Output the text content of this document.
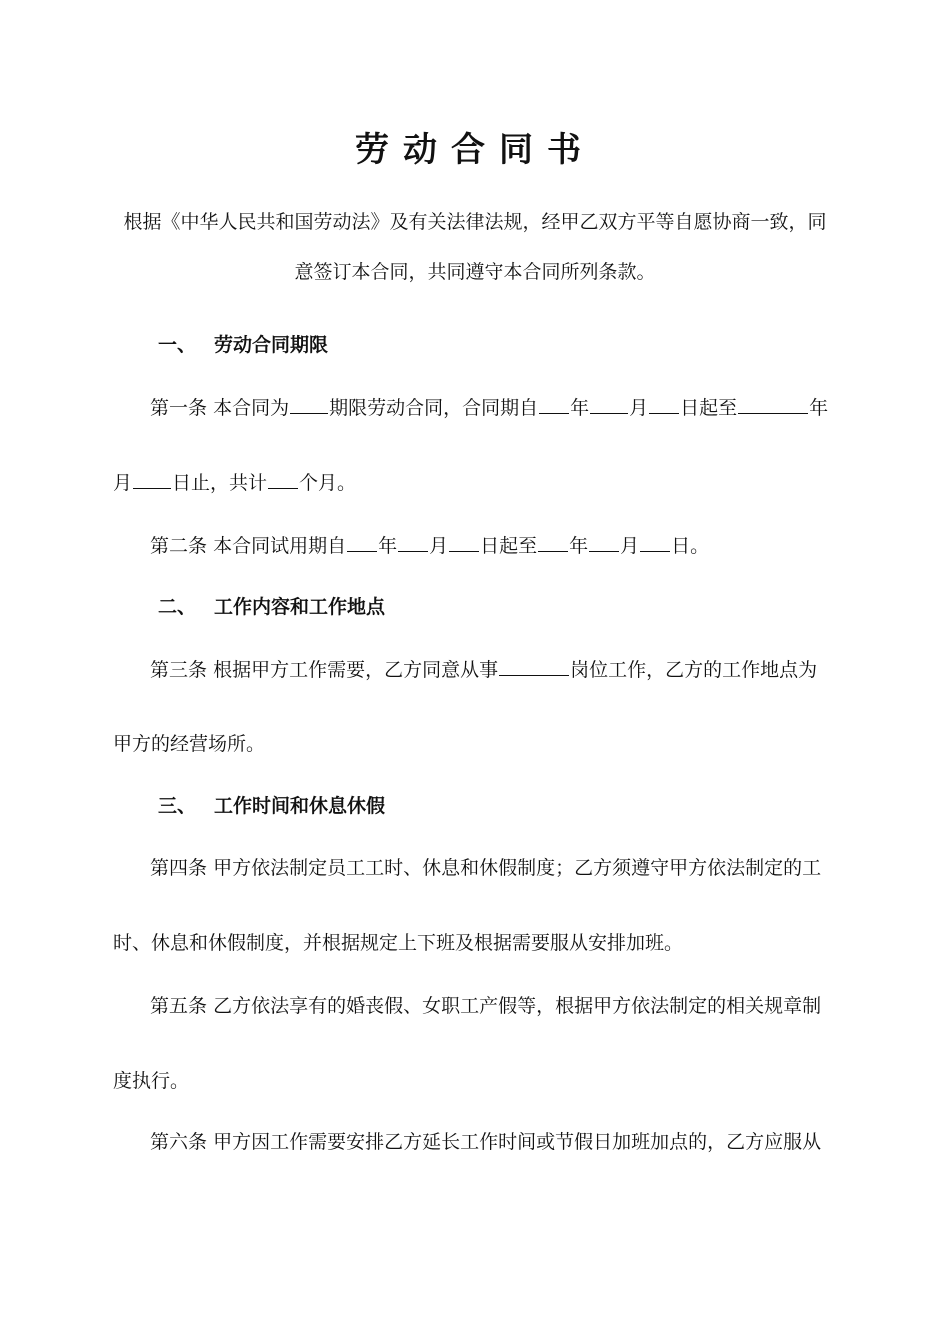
劳动合同书
根据《中华人民共和国劳动法》及有关法律法规，经甲乙双方平等自愿协商一致，同
意签订本合同，共同遵守本合同所列条款。
一、 劳动合同期限
第一条 本合同为 期限劳动合同，合同期自 年 月 日起至	年
月 日止，共计 个月。
第二条 本合同试用期自 年 月 日起至 年 月 日。
二、 工作内容和工作地点
第三条 根据甲方工作需要，乙方同意从事	岗位工作，乙方的工作地点为
甲方的经营场所。
三、 工作时间和休息休假
第四条 甲方依法制定员工工时、休息和休假制度；乙方须遵守甲方依法制定的工
时、休息和休假制度，并根据规定上下班及根据需要服从安排加班。
第五条 乙方依法享有的婚丧假、女职工产假等，根据甲方依法制定的相关规章制
度执行。
第六条 甲方因工作需要安排乙方延长工作时间或节假日加班加点的，乙方应服从
